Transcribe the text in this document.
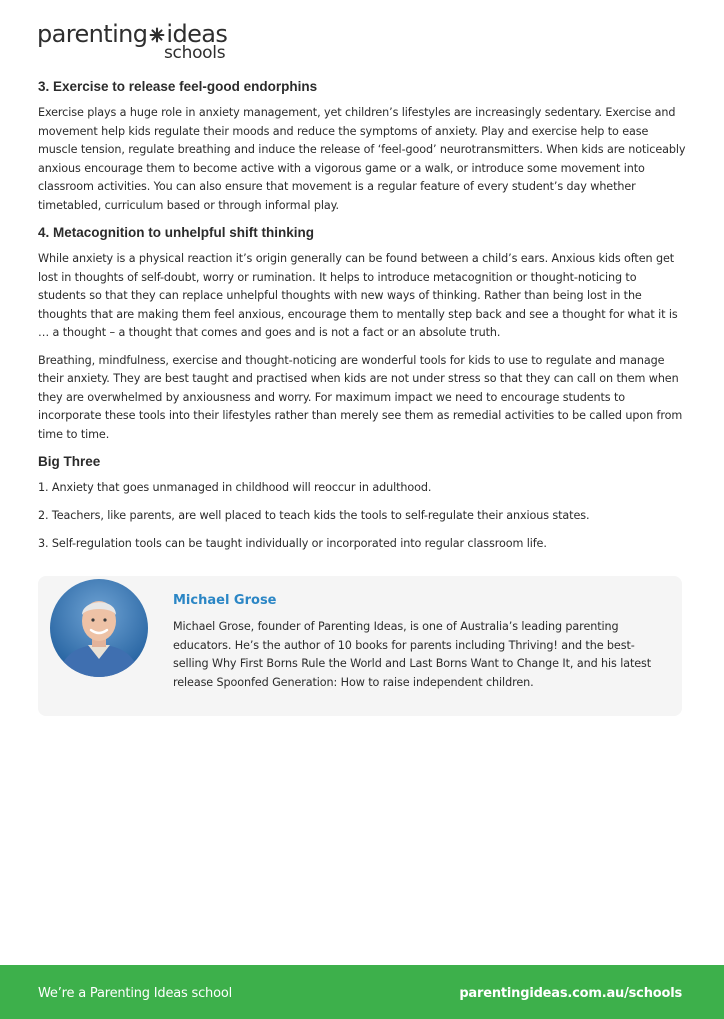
parenting ideas
schools
3. Exercise to release feel-good endorphins

Exercise plays a huge role in anxiety management, yet children’s lifestyles are increasingly sedentary. Exercise and movement help kids regulate their moods and reduce the symptoms of anxiety. Play and exercise help to ease muscle tension, regulate breathing and induce the release of ‘feel-good’ neurotransmitters. When kids are noticeably anxious encourage them to become active with a vigorous game or a walk, or introduce some movement into classroom activities. You can also ensure that movement is a regular feature of every student’s day whether timetabled, curriculum based or through informal play.

4. Metacognition to unhelpful shift thinking

While anxiety is a physical reaction it’s origin generally can be found between a child’s ears. Anxious kids often get lost in thoughts of self-doubt, worry or rumination. It helps to introduce metacognition or thought-noticing to students so that they can replace unhelpful thoughts with new ways of thinking. Rather than being lost in the thoughts that are making them feel anxious, encourage them to mentally step back and see a thought for what it is … a thought – a thought that comes and goes and is not a fact or an absolute truth.

Breathing, mindfulness, exercise and thought-noticing are wonderful tools for kids to use to regulate and manage their anxiety. They are best taught and practised when kids are not under stress so that they can call on them when they are overwhelmed by anxiousness and worry. For maximum impact we need to encourage students to incorporate these tools into their lifestyles rather than merely see them as remedial activities to be called upon from time to time.

Big Three

1. Anxiety that goes unmanaged in childhood will reoccur in adulthood.

2. Teachers, like parents, are well placed to teach kids the tools to self-regulate their anxious states.

3. Self-regulation tools can be taught individually or incorporated into regular classroom life.

Michael Grose
Michael Grose, founder of Parenting Ideas, is one of Australia’s leading parenting educators. He’s the author of 10 books for parents including Thriving! and the best-selling Why First Borns Rule the World and Last Borns Want to Change It, and his latest release Spoonfed Generation: How to raise independent children.
We’re a Parenting Ideas school	parentingideas.com.au/schools
